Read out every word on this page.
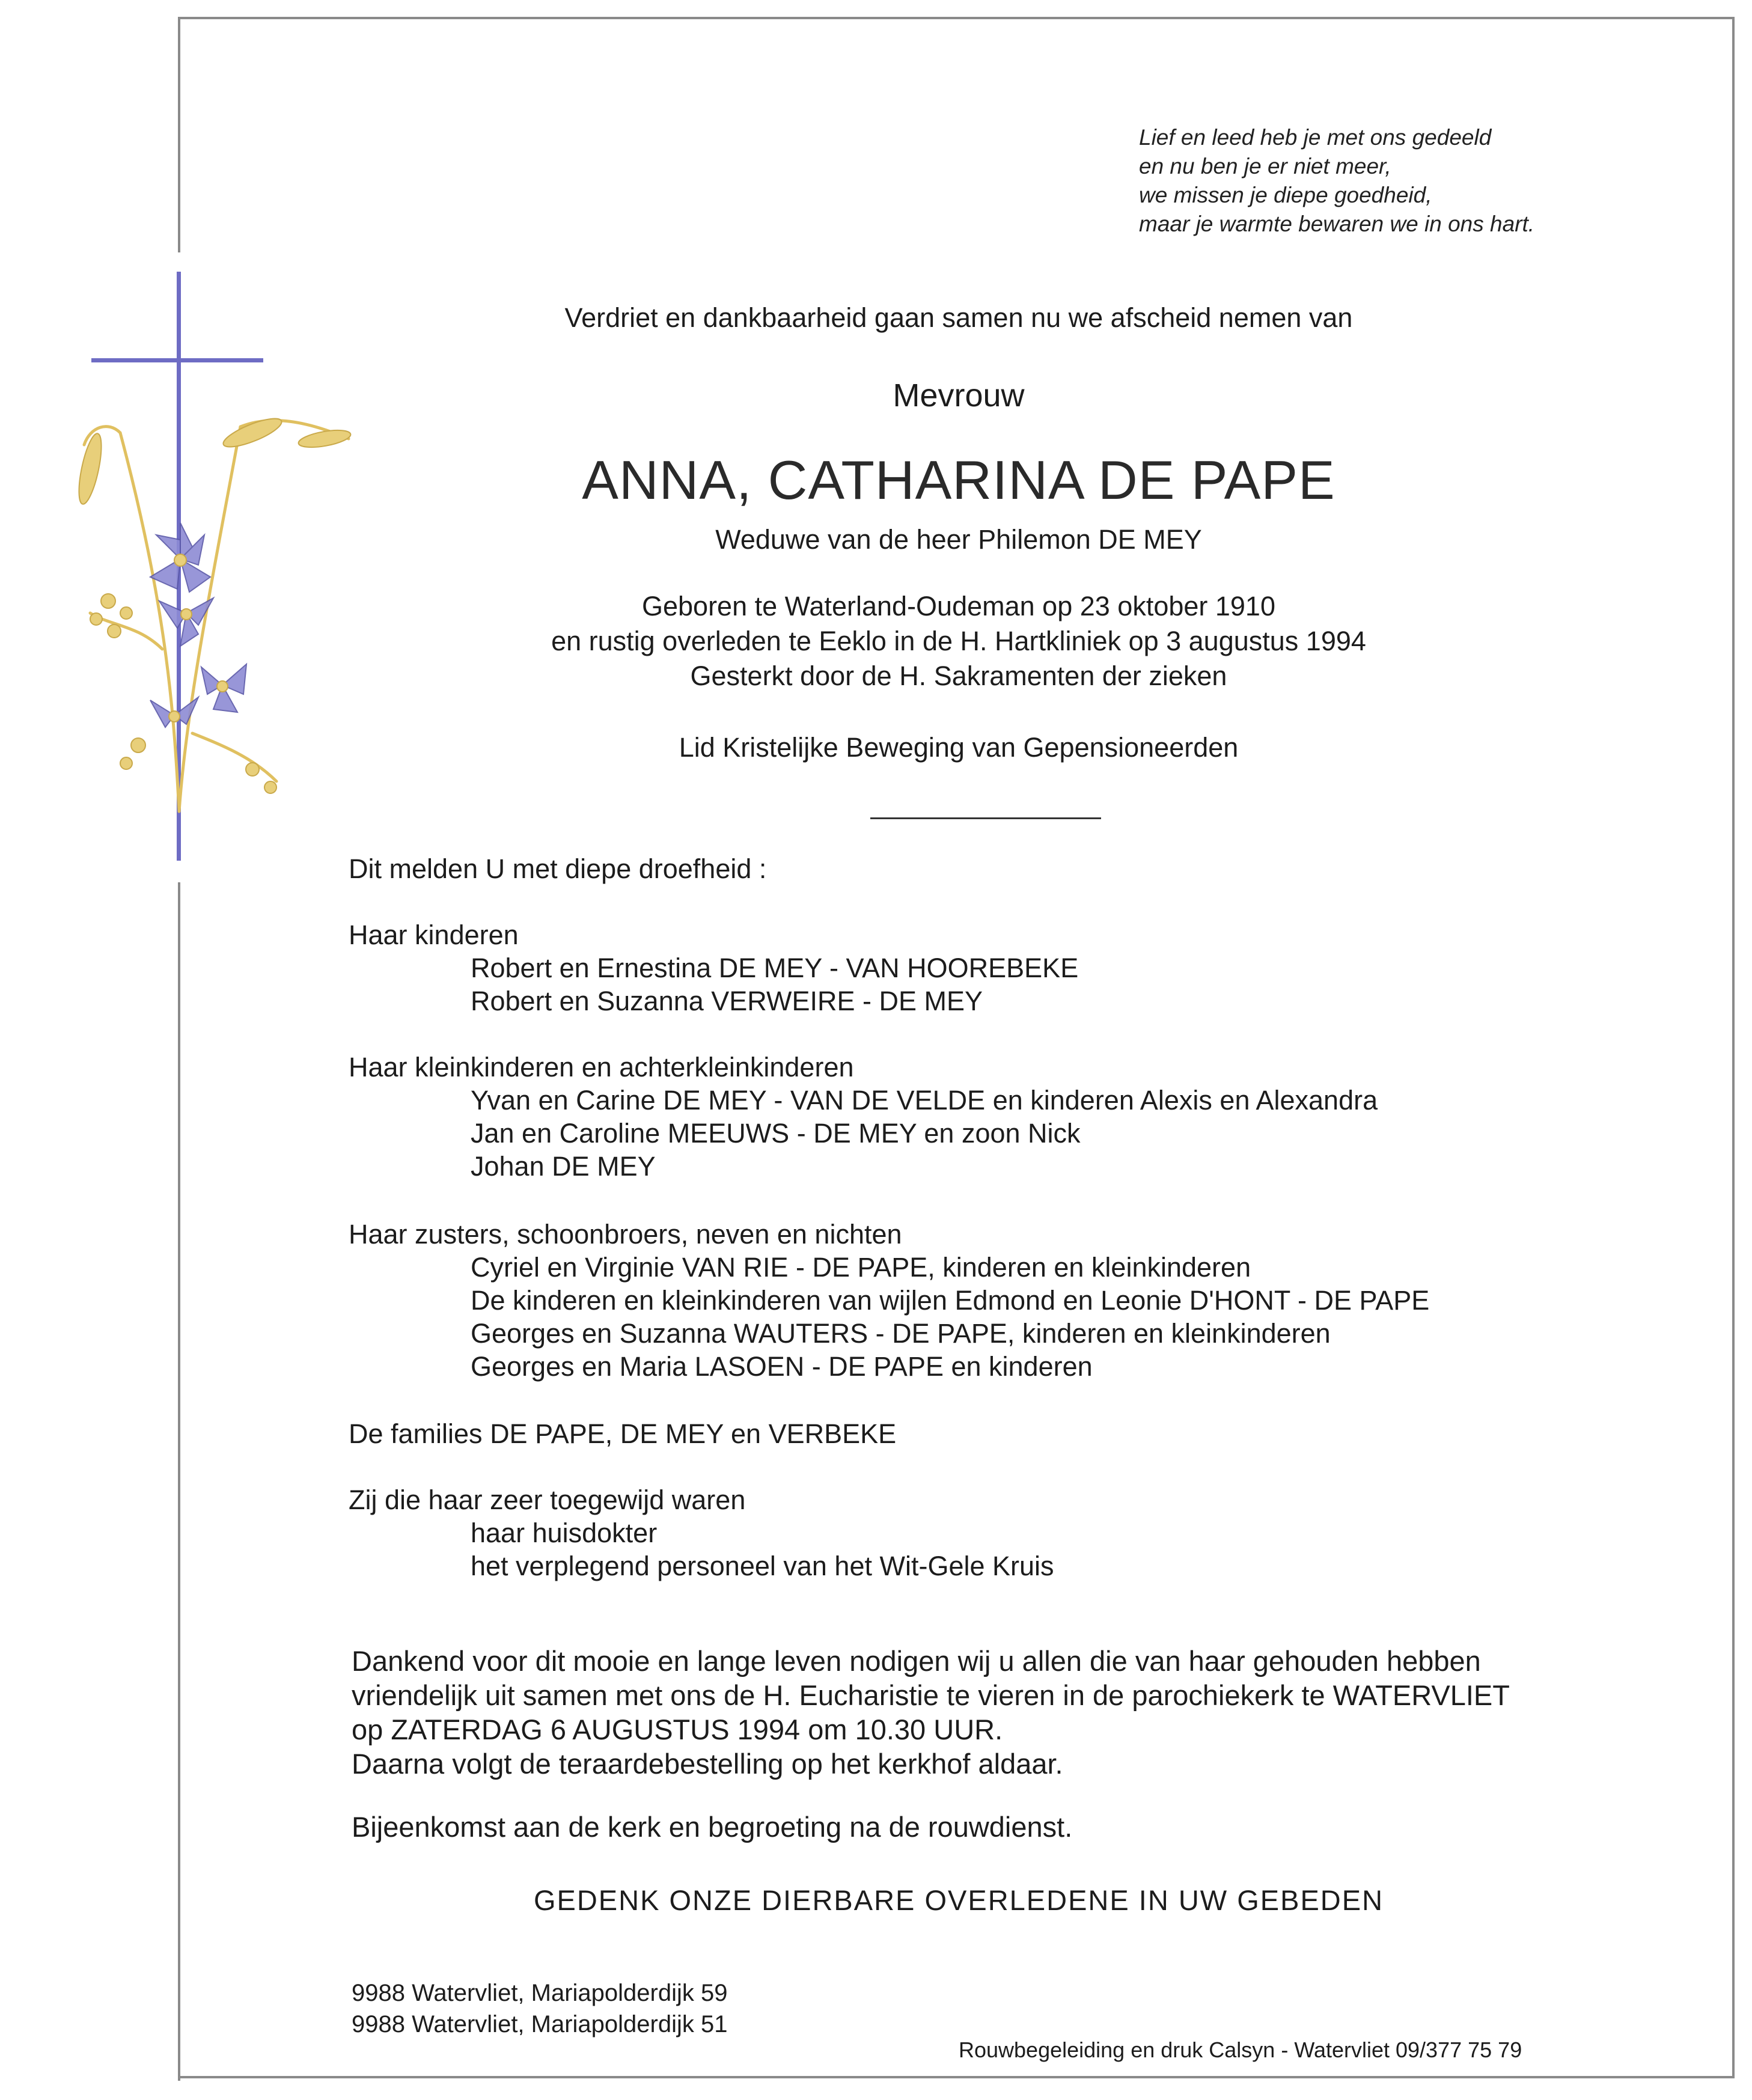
Lief en leed heb je met ons gedeeld
en nu ben je er niet meer,
we missen je diepe goedheid,
maar je warmte bewaren we in ons hart.
Verdriet en dankbaarheid gaan samen nu we afscheid nemen van
Mevrouw
ANNA, CATHARINA DE PAPE
Weduwe van de heer Philemon DE MEY
Geboren te Waterland-Oudeman op 23 oktober 1910
en rustig overleden te Eeklo in de H. Hartkliniek op 3 augustus 1994
Gesterkt door de H. Sakramenten der zieken
Lid Kristelijke Beweging van Gepensioneerden
Dit melden U met diepe droefheid :
Haar kinderen
Robert en Ernestina DE MEY - VAN HOOREBEKE
Robert en Suzanna VERWEIRE - DE MEY
Haar kleinkinderen en achterkleinkinderen
Yvan en Carine DE MEY - VAN DE VELDE en kinderen Alexis en Alexandra
Jan en Caroline MEEUWS - DE MEY en zoon Nick
Johan DE MEY
Haar zusters, schoonbroers, neven en nichten
Cyriel en Virginie VAN RIE - DE PAPE, kinderen en kleinkinderen
De kinderen en kleinkinderen van wijlen Edmond en Leonie D'HONT - DE PAPE
Georges en Suzanna WAUTERS - DE PAPE, kinderen en kleinkinderen
Georges en Maria LASOEN - DE PAPE en kinderen
De families DE PAPE, DE MEY en VERBEKE
Zij die haar zeer toegewijd waren
haar huisdokter
het verplegend personeel van het Wit-Gele Kruis
Dankend voor dit mooie en lange leven nodigen wij u allen die van haar gehouden hebben
vriendelijk uit samen met ons de H. Eucharistie te vieren in de parochiekerk te WATERVLIET
op ZATERDAG 6 AUGUSTUS 1994 om 10.30 UUR.
Daarna volgt de teraardebestelling op het kerkhof aldaar.
Bijeenkomst aan de kerk en begroeting na de rouwdienst.
GEDENK ONZE DIERBARE OVERLEDENE IN UW GEBEDEN
9988 Watervliet, Mariapolderdijk 59
9988 Watervliet, Mariapolderdijk 51
Rouwbegeleiding en druk Calsyn - Watervliet 09/377 75 79
